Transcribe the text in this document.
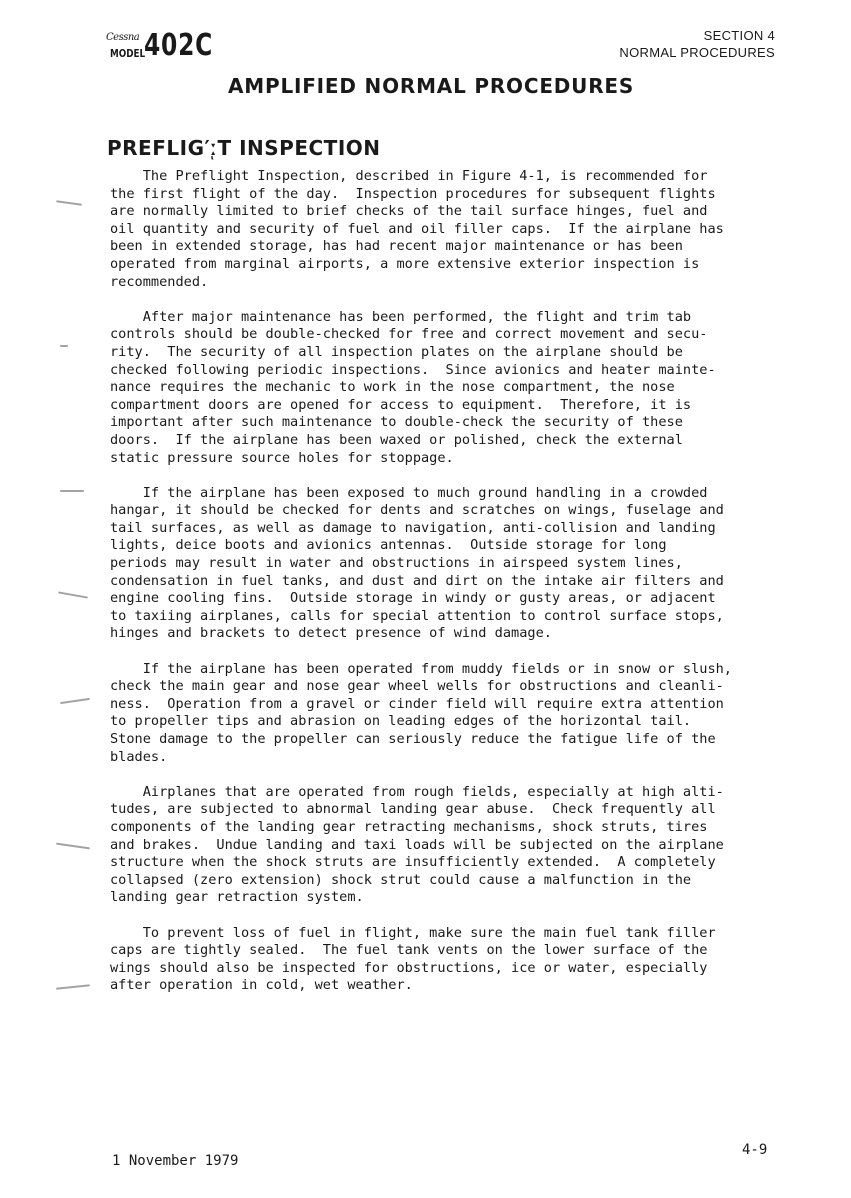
Cessna
MODEL
402C	SECTION 4
NORMAL PROCEDURES
AMPLIFIED NORMAL PROCEDURES
PREFLIG′ːͅT INSPECTION
The Preflight Inspection, described in Figure 4-1, is recommended for
the first flight of the day.  Inspection procedures for subsequent flights
are normally limited to brief checks of the tail surface hinges, fuel and
oil quantity and security of fuel and oil filler caps.  If the airplane has
been in extended storage, has had recent major maintenance or has been
operated from marginal airports, a more extensive exterior inspection is
recommended.
After major maintenance has been performed, the flight and trim tab
controls should be double-checked for free and correct movement and secu-
rity.  The security of all inspection plates on the airplane should be
checked following periodic inspections.  Since avionics and heater mainte-
nance requires the mechanic to work in the nose compartment, the nose
compartment doors are opened for access to equipment.  Therefore, it is
important after such maintenance to double-check the security of these
doors.  If the airplane has been waxed or polished, check the external
static pressure source holes for stoppage.
If the airplane has been exposed to much ground handling in a crowded
hangar, it should be checked for dents and scratches on wings, fuselage and
tail surfaces, as well as damage to navigation, anti-collision and landing
lights, deice boots and avionics antennas.  Outside storage for long
periods may result in water and obstructions in airspeed system lines,
condensation in fuel tanks, and dust and dirt on the intake air filters and
engine cooling fins.  Outside storage in windy or gusty areas, or adjacent
to taxiing airplanes, calls for special attention to control surface stops,
hinges and brackets to detect presence of wind damage.
If the airplane has been operated from muddy fields or in snow or slush,
check the main gear and nose gear wheel wells for obstructions and cleanli-
ness.  Operation from a gravel or cinder field will require extra attention
to propeller tips and abrasion on leading edges of the horizontal tail.
Stone damage to the propeller can seriously reduce the fatigue life of the
blades.
Airplanes that are operated from rough fields, especially at high alti-
tudes, are subjected to abnormal landing gear abuse.  Check frequently all
components of the landing gear retracting mechanisms, shock struts, tires
and brakes.  Undue landing and taxi loads will be subjected on the airplane
structure when the shock struts are insufficiently extended.  A completely
collapsed (zero extension) shock strut could cause a malfunction in the
landing gear retraction system.
To prevent loss of fuel in flight, make sure the main fuel tank filler
caps are tightly sealed.  The fuel tank vents on the lower surface of the
wings should also be inspected for obstructions, ice or water, especially
after operation in cold, wet weather.
1 November 1979
4-9
